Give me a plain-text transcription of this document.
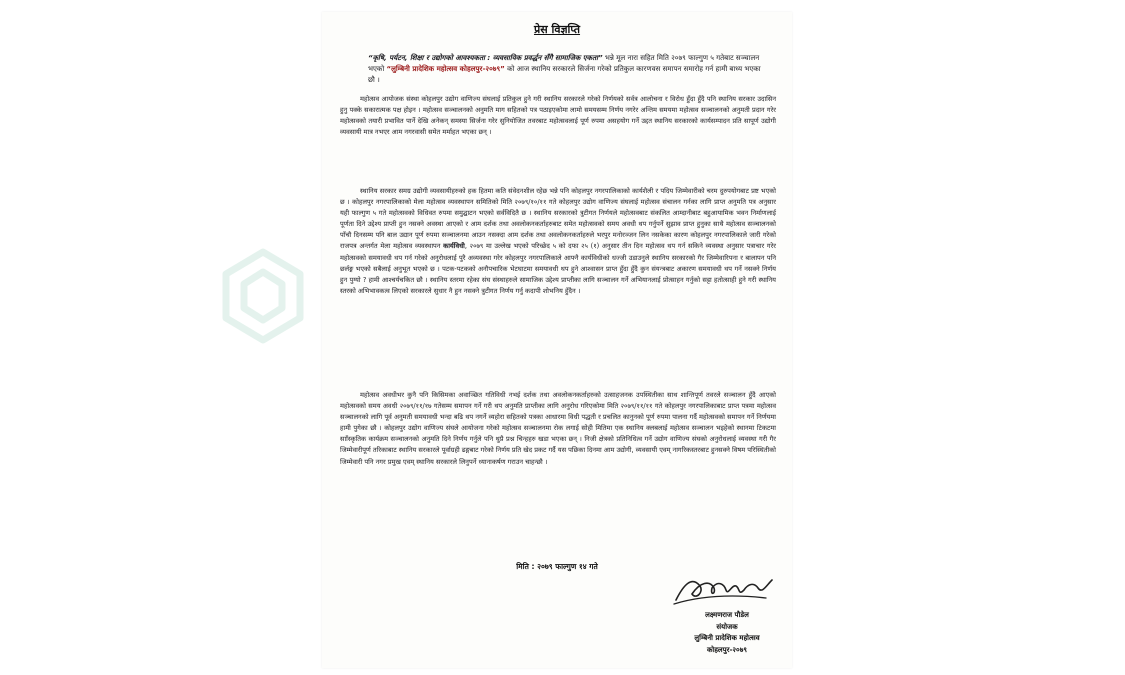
प्रेस विज्ञप्ति
“कृषि, पर्यटन, शिक्षा र उद्योगको आवश्यकता : व्यवसायिक प्रवर्द्धन सँगै सामाजिक एकता” भन्ने मूल नारा सहित मिति २०७९ फाल्गुण ५ गतेबाट सञ्चालन भएको “लुम्बिनी प्रादेशिक महोत्सव कोहलपुर-२०७९” को आज स्थानिय सरकारले सिर्जना गरेको प्रतिकुल कारणवस समापन समारोह गर्न हामी बाध्य भएका छौ ।
महोत्सव आयोजक संस्था कोहलपुर उद्योग वाणिज्य संघलाई प्रतिकुल हुने गरी स्थानिय सरकारले गरेको निर्णयको सर्वत्र आलोचना र विरोध हुँदा हुँदै पनि स्थानिय सरकार उदासिन हुनु पक्के सकारात्मक पक्ष होइन । महोत्सव सञ्चालनको अनुमति माग सहितको पत्र पठाइएकोमा लामो समयसम्म निर्णय नगरेर अन्तिम समयमा महोत्सव सञ्चालनको अनुमती प्रदान गरेर महोत्सवको तयारी प्रभावित पार्ने देखि अनेकन् समस्या सिर्जना गरेर सुनियोजित तवरबाट महोत्सवलाई पूर्ण रुपमा असहयोग गर्ने उद्दत स्थानिय सरकारको कार्यसम्पादन प्रति सापूर्ण उद्योगी व्यवसायी मात्र नभएर आम नगरवासी समेत मर्माहत भएका छन् ।
स्थानिय सरकार समग्र उद्योगी व्यवसायीहरुको हक हितमा कति संवेदनशील रहेछ भन्ने पनि कोहलपुर नगरपालिकाको कार्यशैली र पदिय जिम्मेवारीको चरम दुरुपयोगबाट प्रष्ट भएको छ । कोहलपुर नगरपालिकाको मेला महोत्सव व्यवस्थापन समितिको मिति २०७९/१०/११ गते कोहलपुर उद्योग वाणिज्य संघलाई महोत्सव संचालन गर्नका लागि प्राप्त अनुमति पत्र अनुसार यही फाल्गुण ५ गते महोत्सवको विधिवत रुपमा समुद्घाटन भएको सर्वविदितै छ । स्थानिय सरकारको त्रुटीगत निर्णयले महोत्सवबाट संकलित आम्दानीबाट बहुआयामिक भवन निर्माणलाई पूर्णता दिने उद्देश्य प्राप्ती हुन नसक्ने अवस्था आएको र आम दर्शक तथा अवलोकनकर्ताहरुबाट समेत महोत्सवको समय अवधी थप गर्नुपर्ने सुझाव प्राप्त हुनुका साथै महोत्सव सञ्चालनको पाँचौ दिनसम्म पनि बाल उद्यान पूर्ण रुपमा सञ्चालनमा आउन नसक्दा आम दर्शक तथा अवलोकनकर्ताहरुले भरपुर मनोरञ्जन लिन नसकेका कारण कोहलपुर नगरपालिकाले जारी गरेको राजपत्र अन्तर्गत मेला महोत्सव व्यवस्थापन कार्यविधी, २०७९ मा उल्लेख भएको परिच्छेद ५ को दफा २५ (१) अनुसार तीन दिन महोत्सव थप गर्न सकिने व्यवस्था अनुसार पत्राचार गरेर महोत्सवको समयावधी थप गर्न गरेको अनुरोधलाई पुरै अव्यवस्था गरेर कोहलपुर नगरपालिकाले आफ्नै कार्यविधीको धज्जी उडाउनुले स्थानिय सरकारको गैर जिम्मेवारिपना र बालापन पनि छर्लङ्ग भएको सबैलाई अनुभूत भएको छ । पटक-पटकको अनौपचारिक भेटघाटमा समयावधी थप हुने आश्वासन प्राप्त हुँदा हुँदै कुन संयन्त्रबाट अकारण समयावधी थप गर्ने नसक्ने निर्णय हुन पुग्यो ? हामी आश्चर्यचकित छौ । स्थानिय स्तरमा रहेका संघ संस्थाहरुले सामाजिक उद्देश्य प्राप्तीका लागि सञ्चालन गर्ने अभियानलाई प्रोत्साहन गर्नुको सट्टा हतोत्साही हुने गरी स्थानिय स्तरको अभिभावकत्व लिएको सरकारले सुधार नै हुन नसक्ने त्रुटीगत निर्णय गर्नु कदापी शोभनिय हुँदैन ।
महोत्सव अवधीभर कुनै पनि किसिमका अवाञ्छित गतिविधी नभई दर्शक तथा अवलोकनकर्ताहरुको उत्साहजनक उपस्थितीका साथ शान्तिपूर्ण तवरले सञ्चालन हुँदै आएको महोत्सवको समय अवधी २०७९/११/१७ गतेसम्म समापन गर्ने गरी थप अनुमति प्राप्तीका लागि अनुरोध गरिएकोमा मिति २०७९/११/११ गते कोहलपुर नगरपालिकाबाट प्राप्त पत्रमा महोत्सव सञ्चालनको लागि पूर्व अनुमती समयावधी भन्दा बढि थप नगर्ने व्यहोरा सहितको पत्रका आधारमा विधी पद्धती र प्रचलित कानुनको पूर्ण रुपमा पालना गर्दै महोत्सवको समापन गर्ने निर्णयमा हामी पुगेका छौ । कोहलपुर उद्योग वाणिज्य संघले आयोजना गरेको महोत्सव सञ्चालनमा रोक लगाई सोही मितिमा एक स्थानिय क्लबलाई महोत्सव सञ्चालन भइहेको स्थानमा टिकटमा सााँस्कृतिक कार्यक्रम सञ्चालनको अनुमति दिने निर्णय गर्नुले पनि थुप्रै प्रश्न चिन्हहरु खडा भएका छन् । निजी क्षेत्रको प्रतिनिधित्व गर्ने उद्योग वाणिज्य संघको अनुरोधलाई व्यवस्था गरी गैर जिम्मेवारीपूर्ण तरिकाबाट स्थानिय सरकारले पूर्वाग्रही ढङ्गबाट गरेको निर्णय प्रति खेद प्रकट गर्दै यस पछिका दिनमा आम उद्योगी, व्यवसायी एवम् नागरिकस्तरबाट हुनसक्ने विषम परिस्थितीको जिम्मेवारी पनि नगर प्रमुख एवम् स्थानिय सरकारले लिनुपर्ने ध्यानाकर्षण गराउन चाहन्छौ ।
मिति : २०७९ फाल्गुण १४ गते
लक्ष्मणराज पौडेल
संयोजक
लुम्बिनी प्रादेशिक महोत्सव
कोहलपुर-२०७९
